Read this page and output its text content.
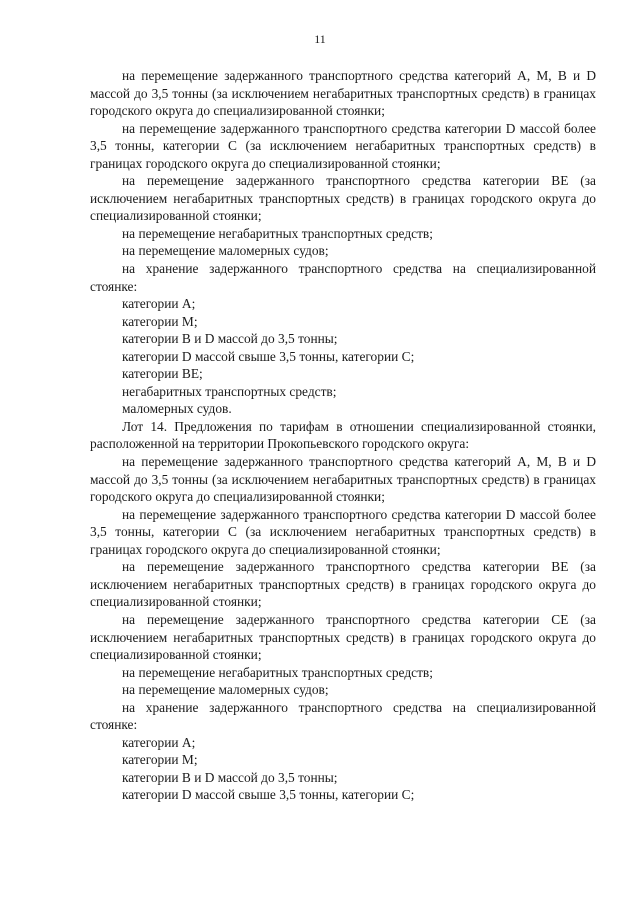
11

на перемещение задержанного транспортного средства категорий А, M, В и D массой до 3,5 тонны (за исключением негабаритных транспортных средств) в границах городского округа до специализированной стоянки;

на перемещение задержанного транспортного средства категории D массой более 3,5 тонны, категории С (за исключением негабаритных транспортных средств) в границах городского округа до специализированной стоянки;

на перемещение задержанного транспортного средства категории ВЕ (за исключением негабаритных транспортных средств) в границах городского округа до специализированной стоянки;

на перемещение негабаритных транспортных средств;

на перемещение маломерных судов;

на хранение задержанного транспортного средства на специализированной стоянке:

категории А;

категории M;

категории В и D массой до 3,5 тонны;

категории D массой свыше 3,5 тонны, категории С;

категории ВЕ;

негабаритных транспортных средств;

маломерных судов.

Лот 14. Предложения по тарифам в отношении специализированной стоянки, расположенной на территории Прокопьевского городского округа:

на перемещение задержанного транспортного средства категорий А, M, В и D массой до 3,5 тонны (за исключением негабаритных транспортных средств) в границах городского округа до специализированной стоянки;

на перемещение задержанного транспортного средства категории D массой более 3,5 тонны, категории С (за исключением негабаритных транспортных средств) в границах городского округа до специализированной стоянки;

на перемещение задержанного транспортного средства категории ВЕ (за исключением негабаритных транспортных средств) в границах городского округа до специализированной стоянки;

на перемещение задержанного транспортного средства категории СЕ (за исключением негабаритных транспортных средств) в границах городского округа до специализированной стоянки;

на перемещение негабаритных транспортных средств;

на перемещение маломерных судов;

на хранение задержанного транспортного средства на специализированной стоянке:

категории А;

категории M;

категории В и D массой до 3,5 тонны;

категории D массой свыше 3,5 тонны, категории С;
